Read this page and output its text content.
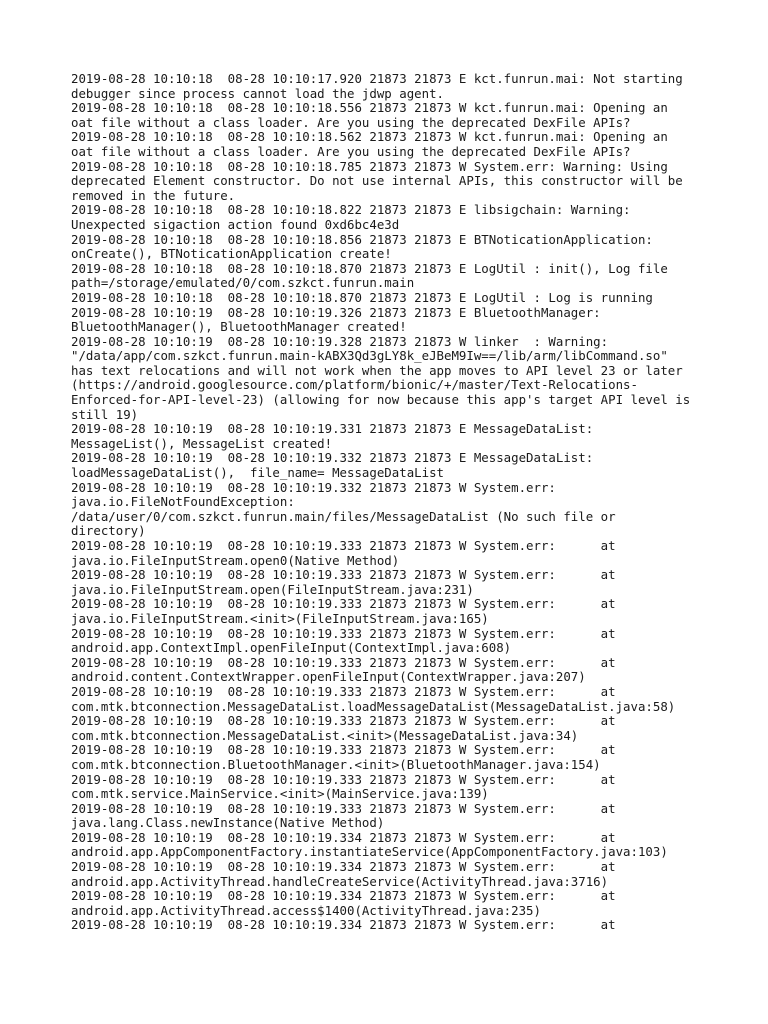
2019-08-28 10:10:18  08-28 10:10:17.920 21873 21873 E kct.funrun.mai: Not starting
debugger since process cannot load the jdwp agent.
2019-08-28 10:10:18  08-28 10:10:18.556 21873 21873 W kct.funrun.mai: Opening an
oat file without a class loader. Are you using the deprecated DexFile APIs?
2019-08-28 10:10:18  08-28 10:10:18.562 21873 21873 W kct.funrun.mai: Opening an
oat file without a class loader. Are you using the deprecated DexFile APIs?
2019-08-28 10:10:18  08-28 10:10:18.785 21873 21873 W System.err: Warning: Using
deprecated Element constructor. Do not use internal APIs, this constructor will be
removed in the future.
2019-08-28 10:10:18  08-28 10:10:18.822 21873 21873 E libsigchain: Warning:
Unexpected sigaction action found 0xd6bc4e3d
2019-08-28 10:10:18  08-28 10:10:18.856 21873 21873 E BTNoticationApplication:
onCreate(), BTNoticationApplication create!
2019-08-28 10:10:18  08-28 10:10:18.870 21873 21873 E LogUtil : init(), Log file
path=/storage/emulated/0/com.szkct.funrun.main
2019-08-28 10:10:18  08-28 10:10:18.870 21873 21873 E LogUtil : Log is running
2019-08-28 10:10:19  08-28 10:10:19.326 21873 21873 E BluetoothManager:
BluetoothManager(), BluetoothManager created!
2019-08-28 10:10:19  08-28 10:10:19.328 21873 21873 W linker  : Warning:
"/data/app/com.szkct.funrun.main-kABX3Qd3gLY8k_eJBeM9Iw==/lib/arm/libCommand.so"
has text relocations and will not work when the app moves to API level 23 or later
(https://android.googlesource.com/platform/bionic/+/master/Text-Relocations-
Enforced-for-API-level-23) (allowing for now because this app's target API level is
still 19)
2019-08-28 10:10:19  08-28 10:10:19.331 21873 21873 E MessageDataList:
MessageList(), MessageList created!
2019-08-28 10:10:19  08-28 10:10:19.332 21873 21873 E MessageDataList:
loadMessageDataList(),  file_name= MessageDataList
2019-08-28 10:10:19  08-28 10:10:19.332 21873 21873 W System.err:
java.io.FileNotFoundException:
/data/user/0/com.szkct.funrun.main/files/MessageDataList (No such file or
directory)
2019-08-28 10:10:19  08-28 10:10:19.333 21873 21873 W System.err:      at
java.io.FileInputStream.open0(Native Method)
2019-08-28 10:10:19  08-28 10:10:19.333 21873 21873 W System.err:      at
java.io.FileInputStream.open(FileInputStream.java:231)
2019-08-28 10:10:19  08-28 10:10:19.333 21873 21873 W System.err:      at
java.io.FileInputStream.<init>(FileInputStream.java:165)
2019-08-28 10:10:19  08-28 10:10:19.333 21873 21873 W System.err:      at
android.app.ContextImpl.openFileInput(ContextImpl.java:608)
2019-08-28 10:10:19  08-28 10:10:19.333 21873 21873 W System.err:      at
android.content.ContextWrapper.openFileInput(ContextWrapper.java:207)
2019-08-28 10:10:19  08-28 10:10:19.333 21873 21873 W System.err:      at
com.mtk.btconnection.MessageDataList.loadMessageDataList(MessageDataList.java:58)
2019-08-28 10:10:19  08-28 10:10:19.333 21873 21873 W System.err:      at
com.mtk.btconnection.MessageDataList.<init>(MessageDataList.java:34)
2019-08-28 10:10:19  08-28 10:10:19.333 21873 21873 W System.err:      at
com.mtk.btconnection.BluetoothManager.<init>(BluetoothManager.java:154)
2019-08-28 10:10:19  08-28 10:10:19.333 21873 21873 W System.err:      at
com.mtk.service.MainService.<init>(MainService.java:139)
2019-08-28 10:10:19  08-28 10:10:19.333 21873 21873 W System.err:      at
java.lang.Class.newInstance(Native Method)
2019-08-28 10:10:19  08-28 10:10:19.334 21873 21873 W System.err:      at
android.app.AppComponentFactory.instantiateService(AppComponentFactory.java:103)
2019-08-28 10:10:19  08-28 10:10:19.334 21873 21873 W System.err:      at
android.app.ActivityThread.handleCreateService(ActivityThread.java:3716)
2019-08-28 10:10:19  08-28 10:10:19.334 21873 21873 W System.err:      at
android.app.ActivityThread.access$1400(ActivityThread.java:235)
2019-08-28 10:10:19  08-28 10:10:19.334 21873 21873 W System.err:      at
